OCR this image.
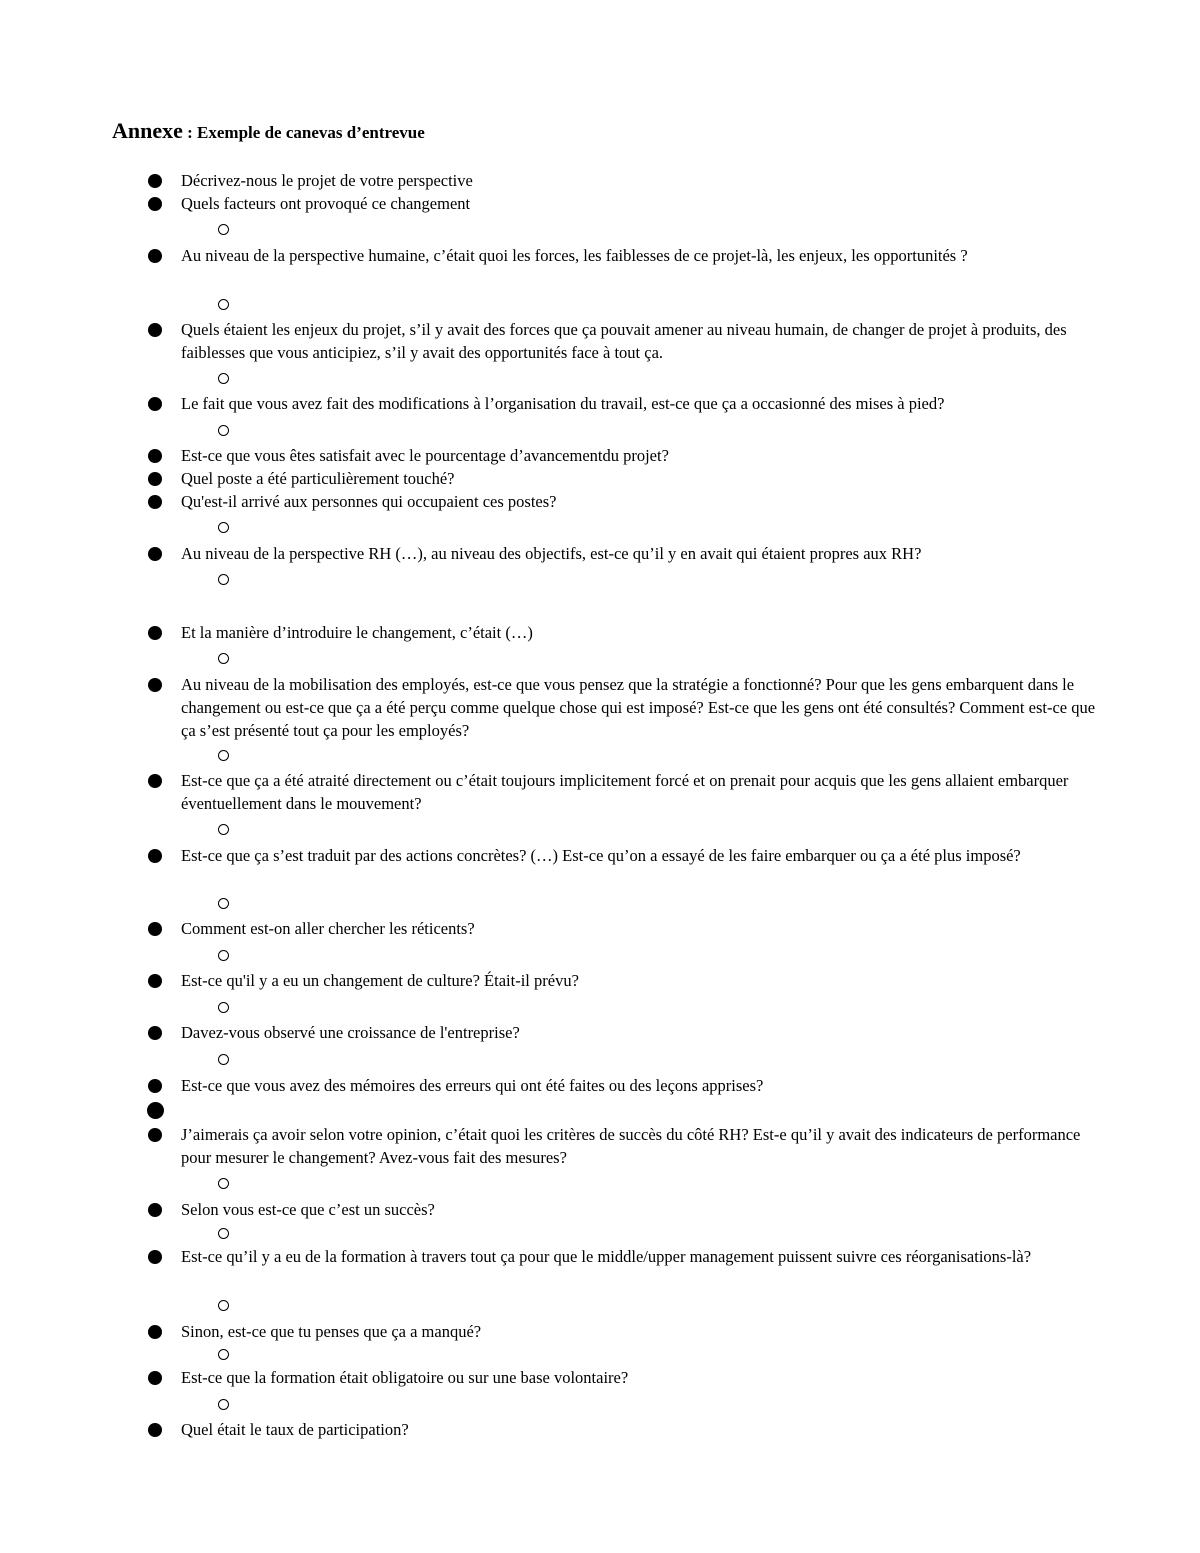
Annexe : Exemple de canevas d’entrevue
Décrivez-nous le projet de votre perspective
Quels facteurs ont provoqué ce changement
Au niveau de la perspective humaine, c’était quoi les forces, les faiblesses de ce projet-là, les enjeux, les opportunités ?
Quels étaient les enjeux du projet, s’il y avait des forces que ça pouvait amener au niveau humain, de changer de projet à produits, des faiblesses que vous anticipiez, s’il y avait des opportunités face à tout ça.
Le fait que vous avez fait des modifications à l’organisation du travail, est-ce que ça a occasionné des mises à pied?
Est-ce que vous êtes satisfait avec le pourcentage d’avancementdu projet?
Quel poste a été particulièrement touché?
Qu'est-il arrivé aux personnes qui occupaient ces postes?
Au niveau de la perspective RH (…), au niveau des objectifs, est-ce qu’il y en avait qui étaient propres aux RH?
Et la manière d’introduire le changement, c’était (…)
Au niveau de la mobilisation des employés, est-ce que vous pensez que la stratégie a fonctionné? Pour que les gens embarquent dans le changement ou est-ce que ça a été perçu comme quelque chose qui est imposé? Est-ce que les gens ont été consultés? Comment est-ce que ça s’est présenté tout ça pour les employés?
Est-ce que ça a été atraité directement ou c’était toujours implicitement forcé et on prenait pour acquis que les gens allaient embarquer éventuellement dans le mouvement?
Est-ce que ça s’est traduit par des actions concrètes? (…) Est-ce qu’on a essayé de les faire embarquer ou ça a été plus imposé?
Comment est-on aller chercher les réticents?
Est-ce qu'il y a eu un changement de culture? Était-il prévu?
Davez-vous observé une croissance de l'entreprise?
Est-ce que vous avez des mémoires des erreurs qui ont été faites ou des leçons apprises?
J’aimerais ça avoir selon votre opinion, c’était quoi les critères de succès du côté RH? Est-e qu’il y avait des indicateurs de performance pour mesurer le changement? Avez-vous fait des mesures?
Selon vous est-ce que c’est un succès?
Est-ce qu’il y a eu de la formation à travers tout ça pour que le middle/upper management puissent suivre ces réorganisations-là?
Sinon, est-ce que tu penses que ça a manqué?
Est-ce que la formation était obligatoire ou sur une base volontaire?
Quel était le taux de participation?
